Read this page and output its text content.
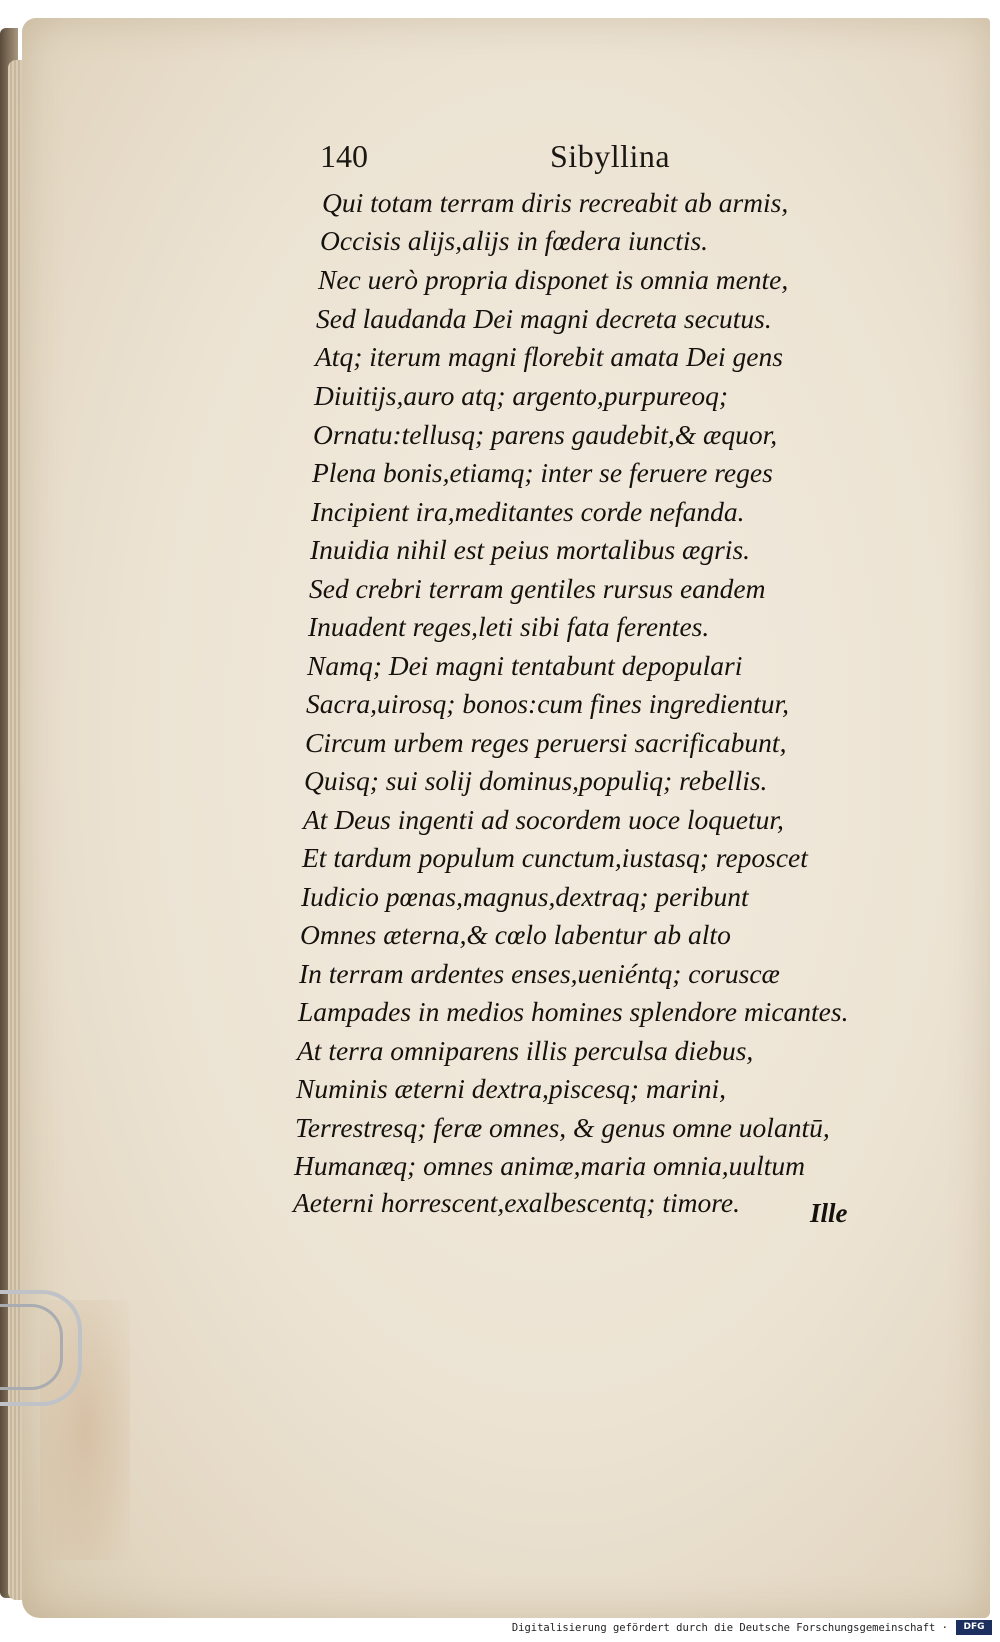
140	Sibyllina
Qui totam terram diris recreabit ab armis,
Occisis alijs,alijs in fœdera iunctis.
Nec uerò propria disponet is omnia mente,
Sed laudanda Dei magni decreta secutus.
Atq; iterum magni florebit amata Dei gens
Diuitijs,auro atq; argento,purpureoq;
Ornatu:tellusq; parens gaudebit,& æquor,
Plena bonis,etiamq; inter se feruere reges
Incipient ira,meditantes corde nefanda.
Inuidia nihil est peius mortalibus ægris.
Sed crebri terram gentiles rursus eandem
Inuadent reges,leti sibi fata ferentes.
Namq; Dei magni tentabunt depopulari
Sacra,uirosq; bonos:cum fines ingredientur,
Circum urbem reges peruersi sacrificabunt,
Quisq; sui solij dominus,populiq; rebellis.
At Deus ingenti ad socordem uoce loquetur,
Et tardum populum cunctum,iustasq; reposcet
Iudicio pœnas,magnus,dextraq; peribunt
Omnes æterna,& cœlo labentur ab alto
In terram ardentes enses,ueniéntq; coruscæ
Lampades in medios homines splendore micantes.
At terra omniparens illis perculsa diebus,
Numinis æterni dextra,piscesq; marini,
Terrestresq; feræ omnes, & genus omne uolantū,
Humanæq; omnes animæ,maria omnia,uultum
Aeterni horrescent,exalbescentq; timore.	Ille
Digitalisierung gefördert durch die Deutsche Forschungsgemeinschaft ·	DFG
